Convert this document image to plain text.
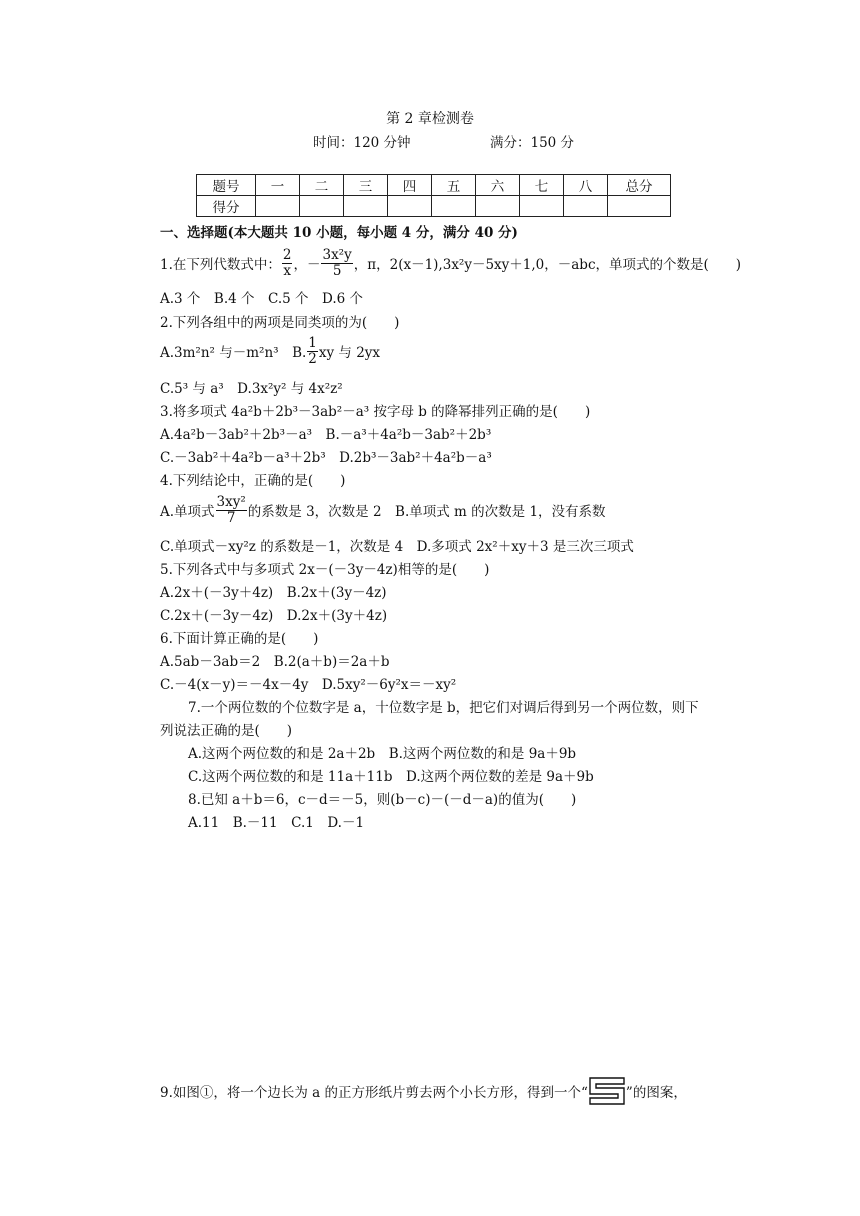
第 2 章检测卷
时间：120 分钟	满分：150 分
题号	一	二	三	四	五	六	七	八	总分
得分									
一、选择题(本大题共 10 小题，每小题 4 分，满分 40 分)
1.在下列代数式中： $\frac{2}{x}$ ，－ $\frac{\text{3x²y}}{5}$ ，π，2(x－1),3x²y－5xy＋1,0，－abc，单项式的个数是(　　)
A.3 个　B.4 个　C.5 个　D.6 个
2.下列各组中的两项是同类项的为(　　)
A.3m²n² 与－m²n³　 B. $\frac{1}{2}$ xy 与 2yx
C.5³ 与 a³　D.3x²y² 与 4x²z²
3.将多项式 4a²b＋2b³－3ab²－a³ 按字母 b 的降幂排列正确的是(　　)
A.4a²b－3ab²＋2b³－a³　B.－a³＋4a²b－3ab²＋2b³
C.－3ab²＋4a²b－a³＋2b³　D.2b³－3ab²＋4a²b－a³
4.下列结论中，正确的是(　　)
A.单项式 $\frac{\text{3xy²}}{7}$ 的系数是 3，次数是 2　B.单项式 m 的次数是 1，没有系数
C.单项式－xy²z 的系数是－1，次数是 4　D.多项式 2x²＋xy＋3 是三次三项式
5.下列各式中与多项式 2x－(－3y－4z)相等的是(　　)
A.2x＋(－3y＋4z)　B.2x＋(3y－4z)
C.2x＋(－3y－4z)　D.2x＋(3y＋4z)
6.下面计算正确的是(　　)
A.5ab－3ab＝2　B.2(a＋b)＝2a＋b
C.－4(x－y)＝－4x－4y　D.5xy²－6y²x＝－xy²
7.一个两位数的个位数字是 a，十位数字是 b，把它们对调后得到另一个两位数，则下
列说法正确的是(　　)
A.这两个两位数的和是 2a＋2b　B.这两个两位数的和是 9a＋9b
C.这两个两位数的和是 11a＋11b　D.这两个两位数的差是 9a＋9b
8.已知 a＋b＝6，c－d＝－5，则(b－c)－(－d－a)的值为(　　)
A.11　B.－11　C.1　D.－1
9.如图①，将一个边长为 a 的正方形纸片剪去两个小长方形，得到一个“	”的图案，
